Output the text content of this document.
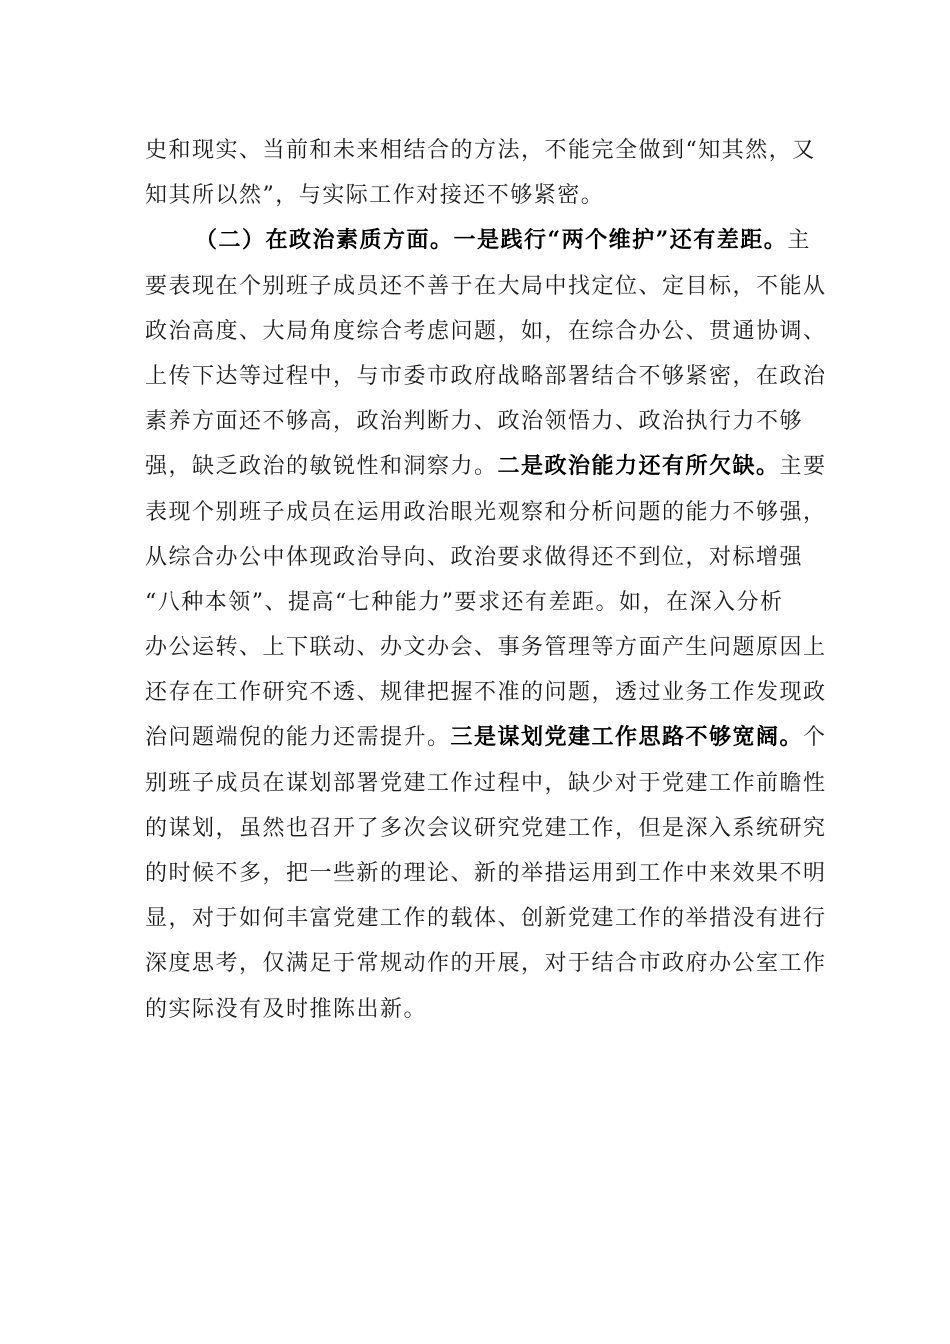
史和现实、当前和未来相结合的方法，不能完全做到“知其然，又
知其所以然”，与实际工作对接还不够紧密。
（二）在政治素质方面。一是践行“两个维护”还有差距。主
要表现在个别班子成员还不善于在大局中找定位、定目标，不能从
政治高度、大局角度综合考虑问题，如，在综合办公、贯通协调、
上传下达等过程中，与市委市政府战略部署结合不够紧密，在政治
素养方面还不够高，政治判断力、政治领悟力、政治执行力不够
强，缺乏政治的敏锐性和洞察力。二是政治能力还有所欠缺。主要
表现个别班子成员在运用政治眼光观察和分析问题的能力不够强，
从综合办公中体现政治导向、政治要求做得还不到位，对标增强
“八种本领”、提高“七种能力”要求还有差距。如，在深入分析
办公运转、上下联动、办文办会、事务管理等方面产生问题原因上
还存在工作研究不透、规律把握不准的问题，透过业务工作发现政
治问题端倪的能力还需提升。三是谋划党建工作思路不够宽阔。个
别班子成员在谋划部署党建工作过程中，缺少对于党建工作前瞻性
的谋划，虽然也召开了多次会议研究党建工作，但是深入系统研究
的时候不多，把一些新的理论、新的举措运用到工作中来效果不明
显，对于如何丰富党建工作的载体、创新党建工作的举措没有进行
深度思考，仅满足于常规动作的开展，对于结合市政府办公室工作
的实际没有及时推陈出新。
